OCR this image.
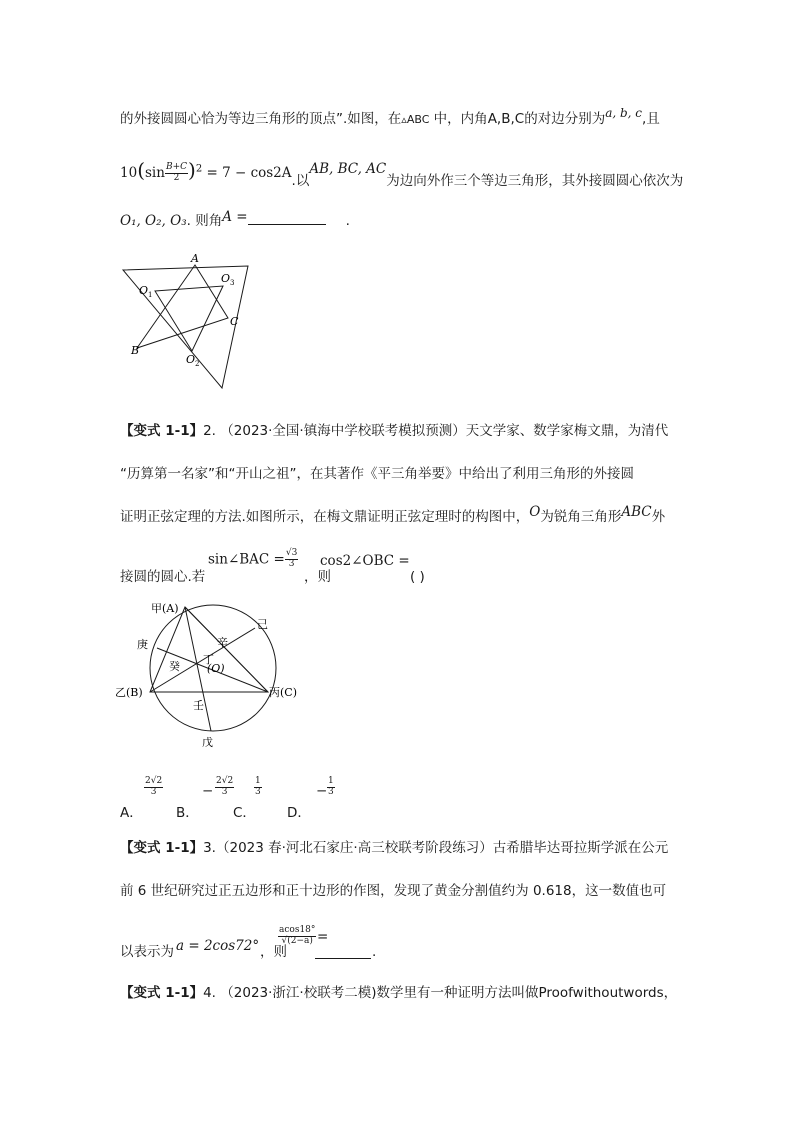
的外接圆圆心恰为等边三角形的顶点”.如图，在▵ABC 中，内角A,B,C的对边分别为a, b, c,且
$10(\sin \frac{B+C}{2} )^2 = 7 - \cos 2A$.以AB, BC, AC为边向外作三个等边三角形，其外接圆圆心依次为
O₁, O₂, O₃. 则角A =	.
A
B
C
$O_1$
$O_3$
$O_2$
【变式 1-1】2. （2023·全国·镇海中学校联考模拟预测）天文学家、数学家梅文鼎，为清代
“历算第一名家”和“开山之祖”，在其著作《平三角举要》中给出了利用三角形的外接圆
证明正弦定理的方法.如图所示，在梅文鼎证明正弦定理时的构图中，O为锐角三角形ABC外
接圆的圆心.若
sin∠BAC = $\frac{√3}{3}$
，则
cos2∠OBC =
( )
甲(A)
己
庚	辛
丁
(O)
癸
乙(B)	丙(C)
壬
戊
A．
$\frac{2√2}{3}$
B．
− $\frac{2√2}{3}$
C．
$\frac{1}{3}$
D．
− $\frac{1}{3}$
【变式 1-1】3.（2023 春·河北石家庄·高三校联考阶段练习）古希腊毕达哥拉斯学派在公元
前 6 世纪研究过正五边形和正十边形的作图，发现了黄金分割值约为 0.618，这一数值也可
以表示为 a = 2cos72° ，则
$\frac{acos18^\circ}{√(2-a)}$ =
.
【变式 1-1】4. （2023·浙江·校联考二模)数学里有一种证明方法叫做Proofwithoutwords，
